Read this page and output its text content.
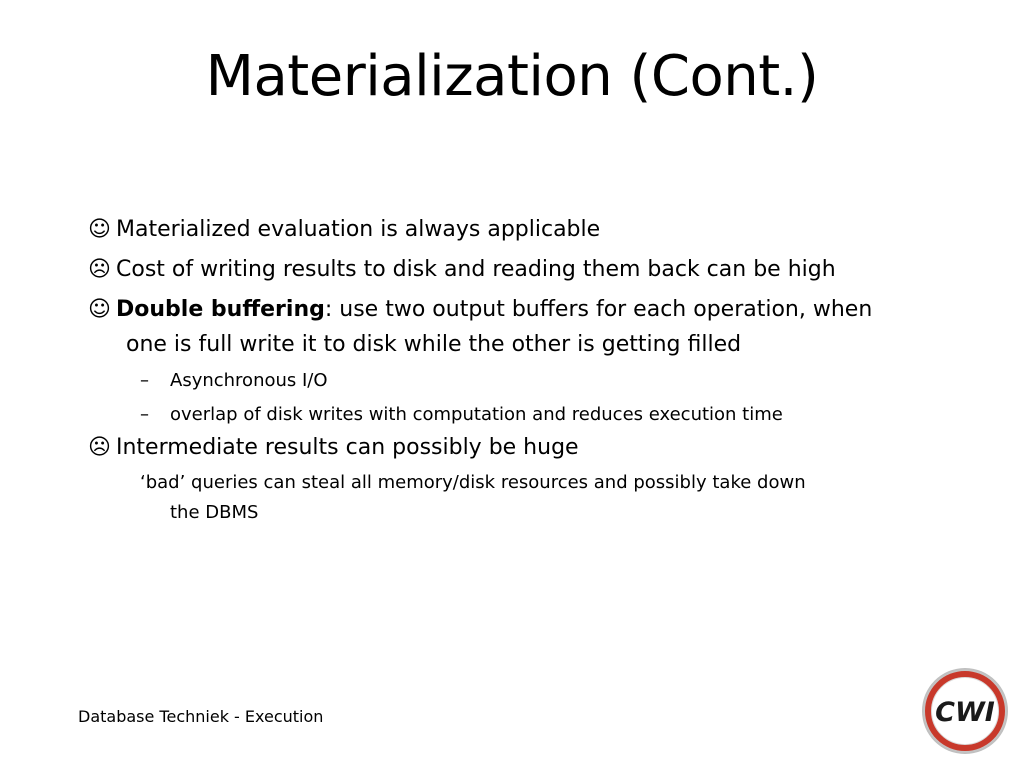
Materialization (Cont.)
☺ Materialized evaluation is always applicable
☹ Cost of writing results to disk and reading them back can be high
☺ Double buffering: use two output buffers for each operation, when
one is full write it to disk while the other is getting filled
– Asynchronous I/O
– overlap of disk writes with computation and reduces execution time
☹ Intermediate results can possibly be huge
‘bad’ queries can steal all memory/disk resources and possibly take down
the DBMS
Database Techniek - Execution	CWI
